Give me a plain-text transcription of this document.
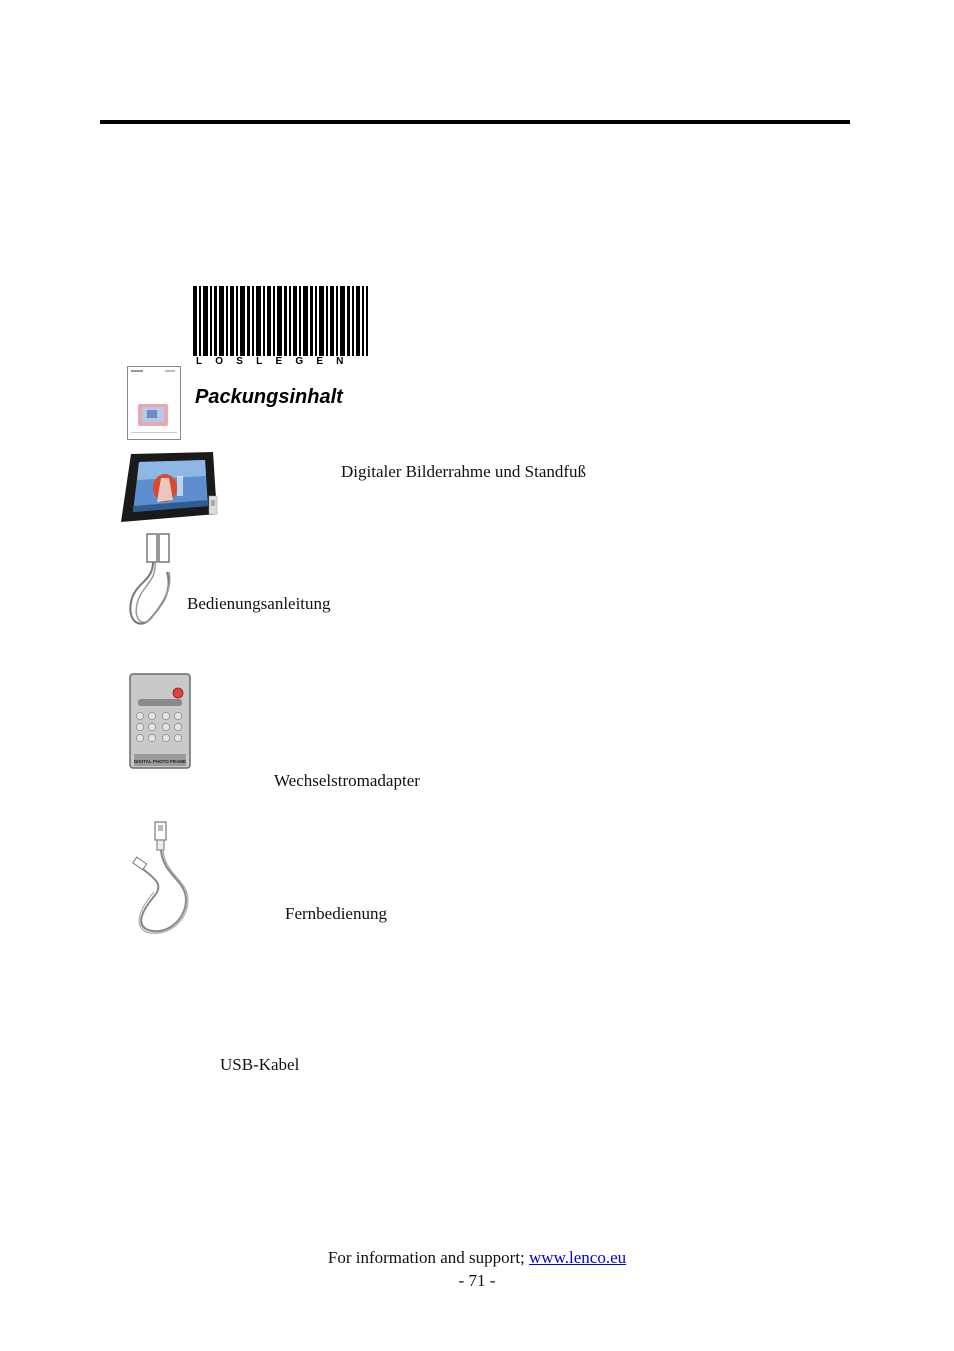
LOSLEGEN
Packungsinhalt
DIGITAL PHOTO FRAME
Digitaler Bilderrahme und Standfuß
Bedienungsanleitung
Wechselstromadapter
Fernbedienung
USB-Kabel
For information and support; www.lenco.eu
- 71 -
